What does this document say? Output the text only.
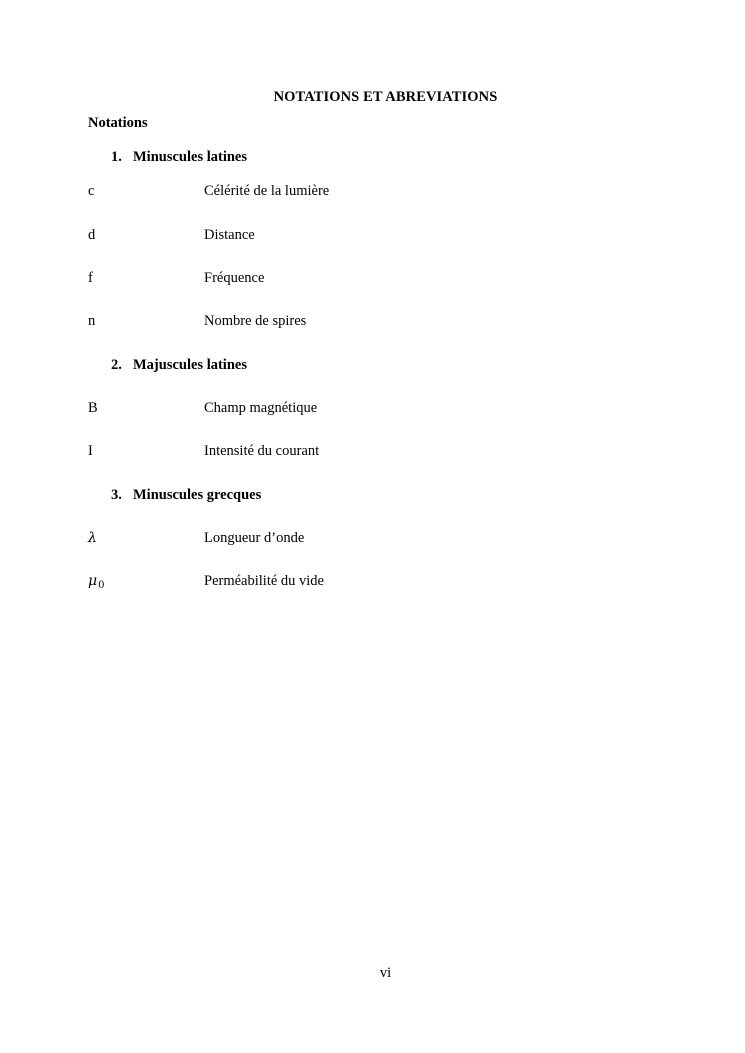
NOTATIONS ET ABREVIATIONS
Notations
1. Minuscules latines
c	Célérité de la lumière
d	Distance
f	Fréquence
n	Nombre de spires
2. Majuscules latines
B	Champ magnétique
I	Intensité du courant
3. Minuscules grecques
λ	Longueur d’onde
$\mu_0$	Perméabilité du vide
vi
